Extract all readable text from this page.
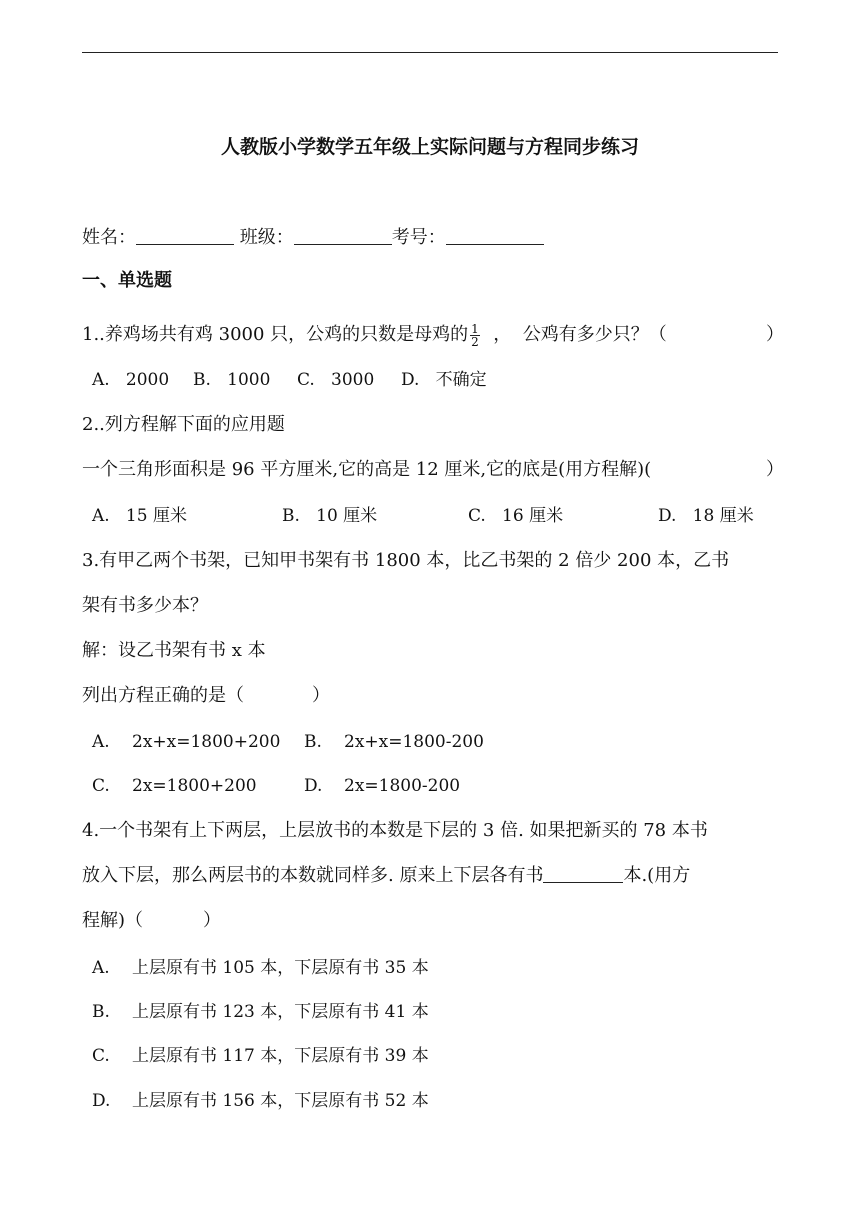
人教版小学数学五年级上实际问题与方程同步练习
姓名：	班级：	考号：
一、单选题
1..养鸡场共有鸡 3000 只，公鸡的只数是母鸡的 $\frac{1}{2}$ ，  公鸡有多少只？（	）
A. 2000 B. 1000 C. 3000 D. 不确定
2..列方程解下面的应用题
一个三角形面积是 96 平方厘米,它的高是 12 厘米,它的底是(用方程解)(	）
A. 15 厘米	B. 10 厘米	C. 16 厘米	D. 18 厘米
3.有甲乙两个书架，已知甲书架有书 1800 本，比乙书架的 2 倍少 200 本，乙书
架有书多少本？
解：设乙书架有书 x 本
列出方程正确的是（	）
A. 2x+x=1800+200 B. 2x+x=1800-200
C. 2x=1800+200	D. 2x=1800-200
4.一个书架有上下两层，上层放书的本数是下层的 3 倍. 如果把新买的 78 本书
放入下层，那么两层书的本数就同样多. 原来上下层各有书	本.(用方
程解)（	）
A. 上层原有书 105 本，下层原有书 35 本
B. 上层原有书 123 本，下层原有书 41 本
C. 上层原有书 117 本，下层原有书 39 本
D. 上层原有书 156 本，下层原有书 52 本
